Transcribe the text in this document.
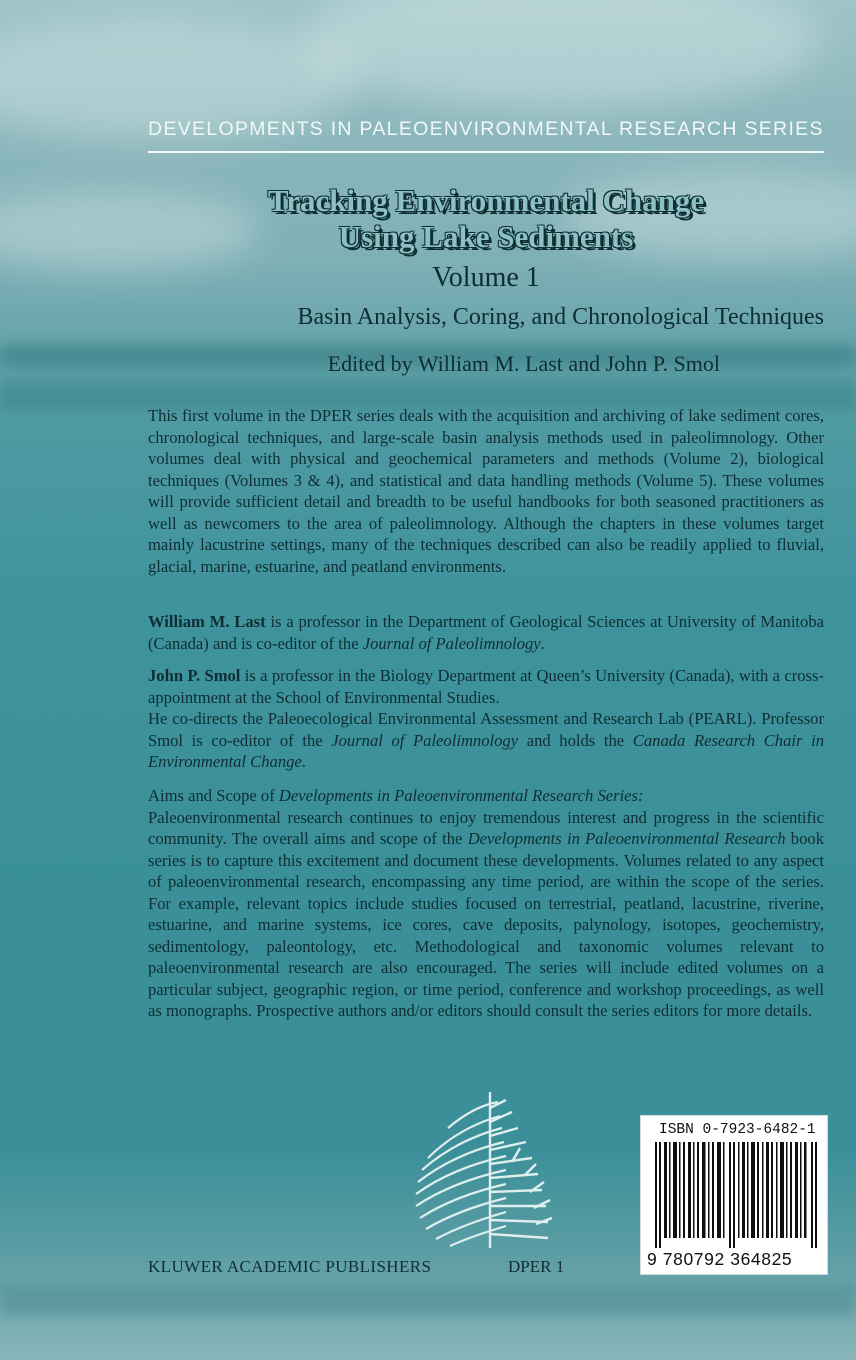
DEVELOPMENTS IN PALEOENVIRONMENTAL RESEARCH SERIES
Tracking Environmental Change
Using Lake Sediments
Volume 1
Basin Analysis, Coring, and Chronological Techniques
Edited by William M. Last and John P. Smol
This first volume in the DPER series deals with the acquisition and archiving of lake sediment cores, chronological techniques, and large-scale basin analysis methods used in paleolimnology. Other volumes deal with physical and geochemical parameters and methods (Volume 2), biological techniques (Volumes 3 & 4), and statistical and data handling methods (Volume 5). These volumes will provide sufficient detail and breadth to be useful handbooks for both seasoned practitioners as well as newcomers to the area of paleolimnology. Although the chapters in these volumes target mainly lacustrine settings, many of the techniques described can also be readily applied to fluvial, glacial, marine, estuarine, and peatland environments.
William M. Last is a professor in the Department of Geological Sciences at University of Manitoba (Canada) and is co-editor of the Journal of Paleolimnology.
John P. Smol is a professor in the Biology Department at Queen’s University (Canada), with a cross-appointment at the School of Environmental Studies.
He co-directs the Paleoecological Environmental Assessment and Research Lab (PEARL). Professor Smol is co-editor of the Journal of Paleolimnology and holds the Canada Research Chair in Environmental Change.
Aims and Scope of Developments in Paleoenvironmental Research Series:
Paleoenvironmental research continues to enjoy tremendous interest and progress in the scientific community. The overall aims and scope of the Developments in Paleoenvironmental Research book series is to capture this excitement and document these developments. Volumes related to any aspect of paleoenvironmental research, encompassing any time period, are within the scope of the series. For example, relevant topics include studies focused on terrestrial, peatland, lacustrine, riverine, estuarine, and marine systems, ice cores, cave deposits, palynology, isotopes, geochemistry, sedimentology, paleontology, etc. Methodological and taxonomic volumes relevant to paleoenvironmental research are also encouraged. The series will include edited volumes on a particular subject, geographic region, or time period, conference and workshop proceedings, as well as monographs. Prospective authors and/or editors should consult the series editors for more details.
KLUWER ACADEMIC PUBLISHERS	DPER 1
ISBN 0-7923-6482-1
9 780792 364825
